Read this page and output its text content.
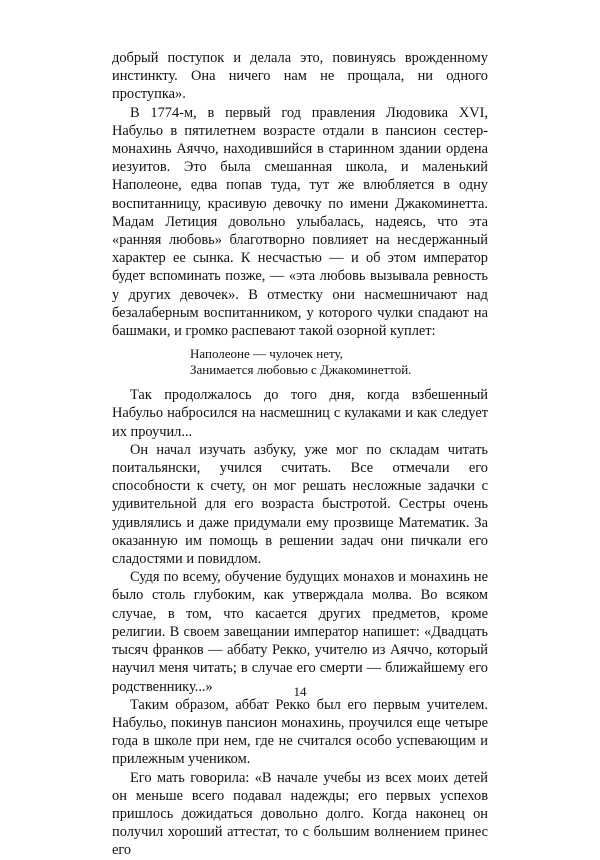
добрый поступок и делала это, повинуясь врожденному инстинкту. Она ничего нам не прощала, ни одного проступка».

В 1774-м, в первый год правления Людовика XVI, Набульо в пятилетнем возрасте отдали в пансион сестер-монахинь Аяччо, находившийся в старинном здании ордена иезуитов. Это была смешанная школа, и маленький Наполеоне, едва попав туда, тут же влюбляется в одну воспитанницу, красивую девочку по имени Джакоминетта. Мадам Летиция довольно улыбалась, надеясь, что эта «ранняя любовь» благотворно повлияет на несдержанный характер ее сынка. К несчастью — и об этом император будет вспоминать позже, — «эта любовь вызывала ревность у других девочек». В отместку они насмешничают над безалаберным воспитанником, у которого чулки спадают на башмаки, и громко распевают такой озорной куплет:

Наполеоне — чулочек нету,
Занимается любовью с Джакоминеттой.

Так продолжалось до того дня, когда взбешенный Набульо набросился на насмешниц с кулаками и как следует их проучил...

Он начал изучать азбуку, уже мог по складам читать поитальянски, учился считать. Все отмечали его способности к счету, он мог решать несложные задачки с удивительной для его возраста быстротой. Сестры очень удивлялись и даже придумали ему прозвище Математик. За оказанную им помощь в решении задач они пичкали его сладостями и повидлом.

Судя по всему, обучение будущих монахов и монахинь не было столь глубоким, как утверждала молва. Во всяком случае, в том, что касается других предметов, кроме религии. В своем завещании император напишет: «Двадцать тысяч франков — аббату Рекко, учителю из Аяччо, который научил меня читать; в случае его смерти — ближайшему его родственнику...»

Таким образом, аббат Рекко был его первым учителем. Набульо, покинув пансион монахинь, проучился еще четыре года в школе при нем, где не считался особо успевающим и прилежным учеником.

Его мать говорила: «В начале учебы из всех моих детей он меньше всего подавал надежды; его первых успехов пришлось дожидаться довольно долго. Когда наконец он получил хороший аттестат, то с большим волнением принес его

14
